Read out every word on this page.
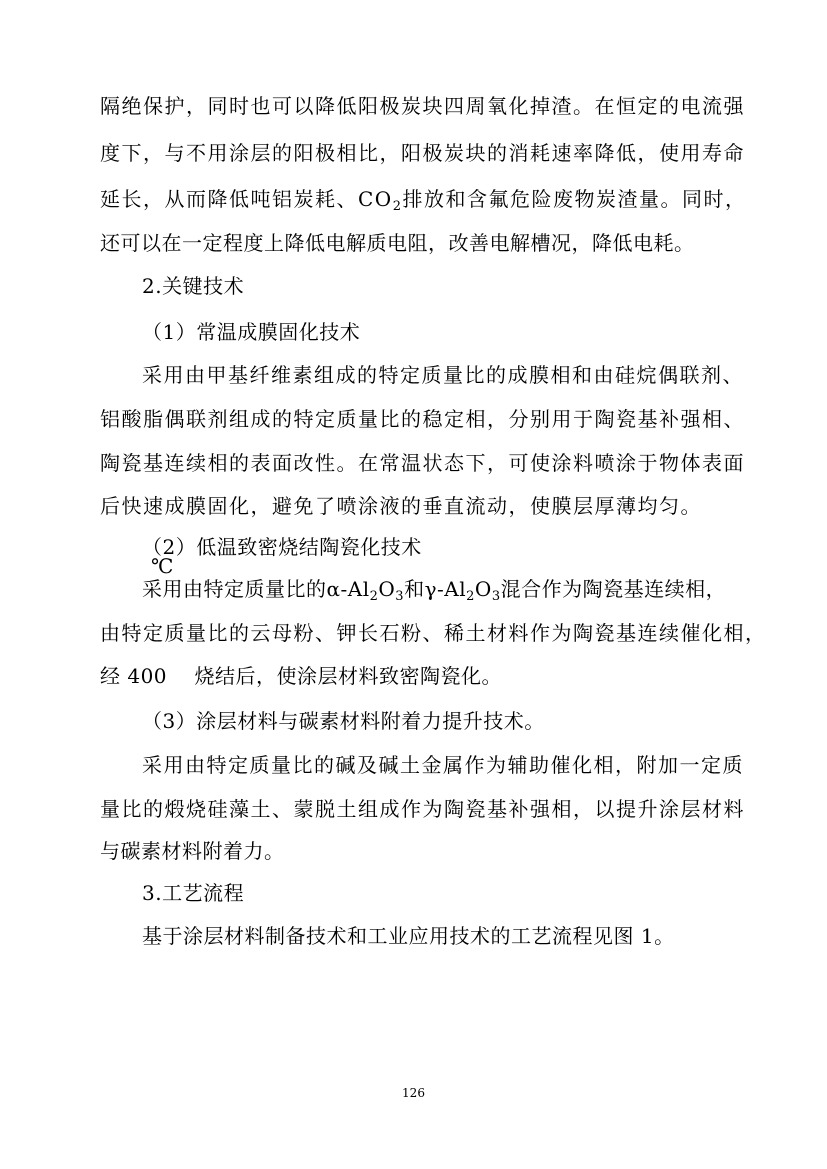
隔绝保护，同时也可以降低阳极炭块四周氧化掉渣。在恒定的电流强
度下，与不用涂层的阳极相比，阳极炭块的消耗速率降低，使用寿命
延长，从而降低吨铝炭耗、$CO_2$排放和含氟危险废物炭渣量。同时，
还可以在一定程度上降低电解质电阻，改善电解槽况，降低电耗。
2.关键技术
（1）常温成膜固化技术
采用由甲基纤维素组成的特定质量比的成膜相和由硅烷偶联剂、
铝酸脂偶联剂组成的特定质量比的稳定相，分别用于陶瓷基补强相、
陶瓷基连续相的表面改性。在常温状态下，可使涂料喷涂于物体表面
后快速成膜固化，避免了喷涂液的垂直流动，使膜层厚薄均匀。
（2）低温致密烧结陶瓷化技术
℃
采用由特定质量比的$\alpha-Al_2O_3$和$\gamma-Al_2O_3$混合作为陶瓷基连续相，
由特定质量比的云母粉、钾长石粉、稀土材料作为陶瓷基连续催化相，
经 400 烧结后，使涂层材料致密陶瓷化。
（3）涂层材料与碳素材料附着力提升技术。
采用由特定质量比的碱及碱土金属作为辅助催化相，附加一定质
量比的煅烧硅藻土、蒙脱土组成作为陶瓷基补强相，以提升涂层材料
与碳素材料附着力。
3.工艺流程
基于涂层材料制备技术和工业应用技术的工艺流程见图 1。
126
